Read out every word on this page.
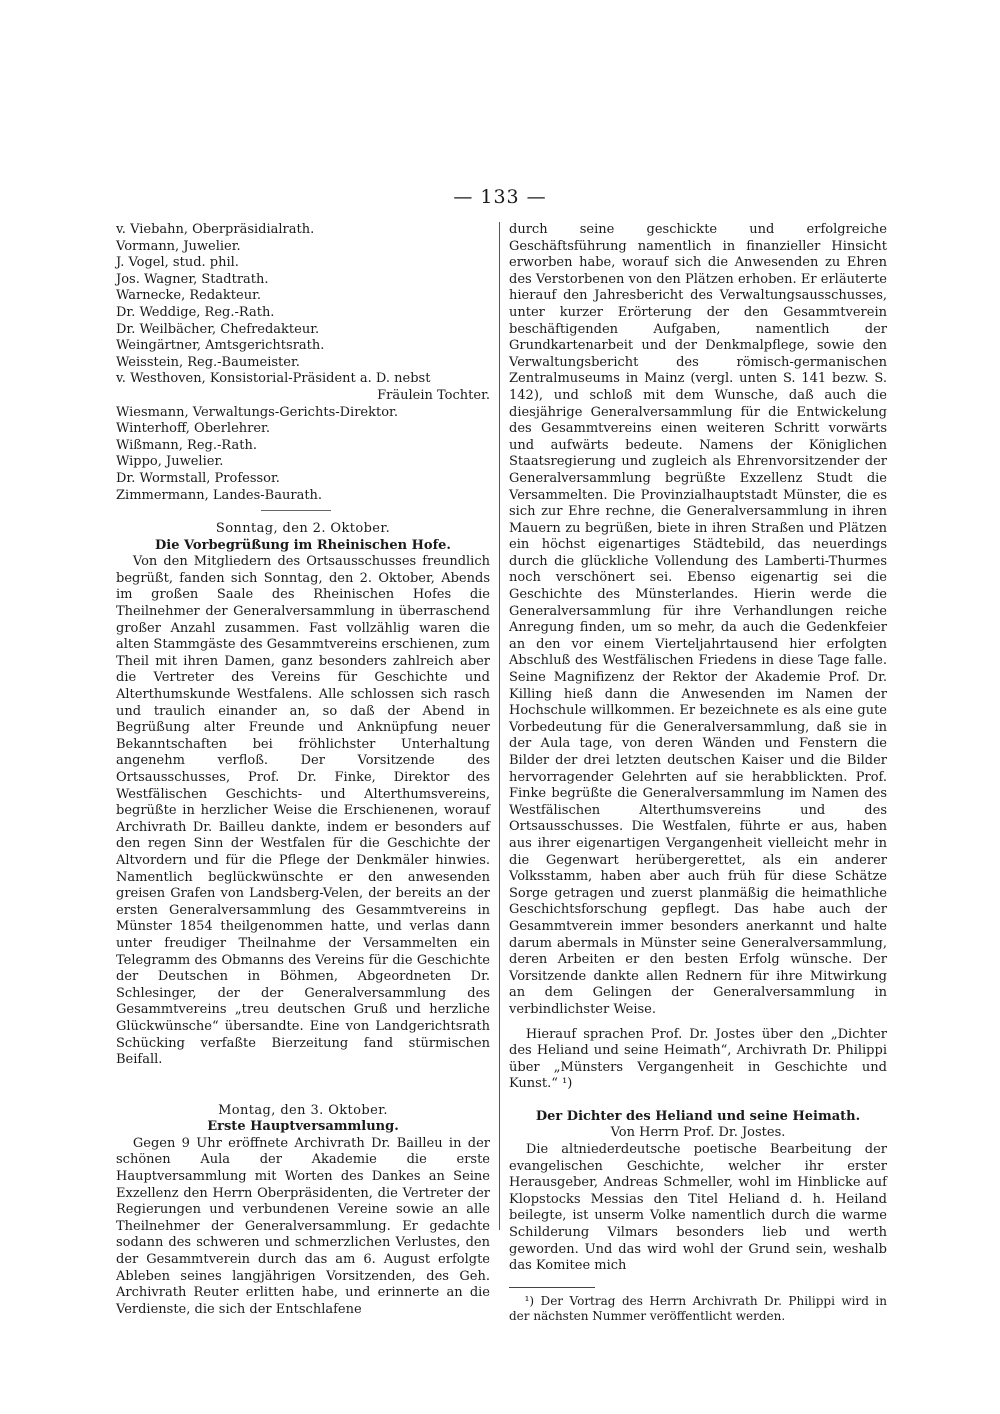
— 133 —
v. Viebahn, Oberpräsidialrath.
Vormann, Juwelier.
J. Vogel, stud. phil.
Jos. Wagner, Stadtrath.
Warnecke, Redakteur.
Dr. Weddige, Reg.-Rath.
Dr. Weilbächer, Chefredakteur.
Weingärtner, Amtsgerichtsrath.
Weisstein, Reg.-Baumeister.
v. Westhoven, Konsistorial-Präsident a. D. nebst
Fräulein Tochter.
Wiesmann, Verwaltungs-Gerichts-Direktor.
Winterhoff, Oberlehrer.
Wißmann, Reg.-Rath.
Wippo, Juwelier.
Dr. Wormstall, Professor.
Zimmermann, Landes-Baurath.
Sonntag, den 2. Oktober.
Die Vorbegrüßung im Rheinischen Hofe.

Von den Mitgliedern des Ortsausschusses freundlich begrüßt, fanden sich Sonntag, den 2. Oktober, Abends im großen Saale des Rheinischen Hofes die Theilnehmer der Generalversammlung in überraschend großer Anzahl zusammen. Fast vollzählig waren die alten Stammgäste des Gesammtvereins erschienen, zum Theil mit ihren Damen, ganz besonders zahlreich aber die Vertreter des Vereins für Geschichte und Alterthumskunde Westfalens. Alle schlossen sich rasch und traulich einander an, so daß der Abend in Begrüßung alter Freunde und Anknüpfung neuer Bekanntschaften bei fröhlichster Unterhaltung angenehm verfloß. Der Vorsitzende des Ortsausschusses, Prof. Dr. Finke, Direktor des Westfälischen Geschichts- und Alterthumsvereins, begrüßte in herzlicher Weise die Erschienenen, worauf Archivrath Dr. Bailleu dankte, indem er besonders auf den regen Sinn der Westfalen für die Geschichte der Altvordern und für die Pflege der Denkmäler hinwies. Namentlich beglückwünschte er den anwesenden greisen Grafen von Landsberg-Velen, der bereits an der ersten Generalversammlung des Gesammtvereins in Münster 1854 theilgenommen hatte, und verlas dann unter freudiger Theilnahme der Versammelten ein Telegramm des Obmanns des Vereins für die Geschichte der Deutschen in Böhmen, Abgeordneten Dr. Schlesinger, der der Generalversammlung des Gesammtvereins „treu deutschen Gruß und herzliche Glückwünsche“ übersandte. Eine von Landgerichtsrath Schücking verfaßte Bierzeitung fand stürmischen Beifall.

Montag, den 3. Oktober.
Erste Hauptversammlung.

Gegen 9 Uhr eröffnete Archivrath Dr. Bailleu in der schönen Aula der Akademie die erste Hauptversammlung mit Worten des Dankes an Seine Exzellenz den Herrn Oberpräsidenten, die Vertreter der Regierungen und verbundenen Vereine sowie an alle Theilnehmer der Generalversammlung. Er gedachte sodann des schweren und schmerzlichen Verlustes, den der Gesammtverein durch das am 6. August erfolgte Ableben seines langjährigen Vorsitzenden, des Geh. Archivrath Reuter erlitten habe, und erinnerte an die Verdienste, die sich der Entschlafene

durch seine geschickte und erfolgreiche Geschäftsführung namentlich in finanzieller Hinsicht erworben habe, worauf sich die Anwesenden zu Ehren des Verstorbenen von den Plätzen erhoben. Er erläuterte hierauf den Jahresbericht des Verwaltungsausschusses, unter kurzer Erörterung der den Gesammtverein beschäftigenden Aufgaben, namentlich der Grundkartenarbeit und der Denkmalpflege, sowie den Verwaltungsbericht des römisch-germanischen Zentralmuseums in Mainz (vergl. unten S. 141 bezw. S. 142), und schloß mit dem Wunsche, daß auch die diesjährige Generalversammlung für die Entwickelung des Gesammtvereins einen weiteren Schritt vorwärts und aufwärts bedeute. Namens der Königlichen Staatsregierung und zugleich als Ehrenvorsitzender der Generalversammlung begrüßte Exzellenz Studt die Versammelten. Die Provinzialhauptstadt Münster, die es sich zur Ehre rechne, die Generalversammlung in ihren Mauern zu begrüßen, biete in ihren Straßen und Plätzen ein höchst eigenartiges Städtebild, das neuerdings durch die glückliche Vollendung des Lamberti-Thurmes noch verschönert sei. Ebenso eigenartig sei die Geschichte des Münsterlandes. Hierin werde die Generalversammlung für ihre Verhandlungen reiche Anregung finden, um so mehr, da auch die Gedenkfeier an den vor einem Vierteljahrtausend hier erfolgten Abschluß des Westfälischen Friedens in diese Tage falle. Seine Magnifizenz der Rektor der Akademie Prof. Dr. Killing hieß dann die Anwesenden im Namen der Hochschule willkommen. Er bezeichnete es als eine gute Vorbedeutung für die Generalversammlung, daß sie in der Aula tage, von deren Wänden und Fenstern die Bilder der drei letzten deutschen Kaiser und die Bilder hervorragender Gelehrten auf sie herabblickten. Prof. Finke begrüßte die Generalversammlung im Namen des Westfälischen Alterthumsvereins und des Ortsausschusses. Die Westfalen, führte er aus, haben aus ihrer eigenartigen Vergangenheit vielleicht mehr in die Gegenwart herübergerettet, als ein anderer Volksstamm, haben aber auch früh für diese Schätze Sorge getragen und zuerst planmäßig die heimathliche Geschichtsforschung gepflegt. Das habe auch der Gesammtverein immer besonders anerkannt und halte darum abermals in Münster seine Generalversammlung, deren Arbeiten er den besten Erfolg wünsche. Der Vorsitzende dankte allen Rednern für ihre Mitwirkung an dem Gelingen der Generalversammlung in verbindlichster Weise.

Hierauf sprachen Prof. Dr. Jostes über den „Dichter des Heliand und seine Heimath“, Archivrath Dr. Philippi über „Münsters Vergangenheit in Geschichte und Kunst.“ ¹)

Der Dichter des Heliand und seine Heimath.
Von Herrn Prof. Dr. Jostes.

Die altniederdeutsche poetische Bearbeitung der evangelischen Geschichte, welcher ihr erster Herausgeber, Andreas Schmeller, wohl im Hinblicke auf Klopstocks Messias den Titel Heliand d. h. Heiland beilegte, ist unserm Volke namentlich durch die warme Schilderung Vilmars besonders lieb und werth geworden. Und das wird wohl der Grund sein, weshalb das Komitee mich

¹) Der Vortrag des Herrn Archivrath Dr. Philippi wird in der nächsten Nummer veröffentlicht werden.
